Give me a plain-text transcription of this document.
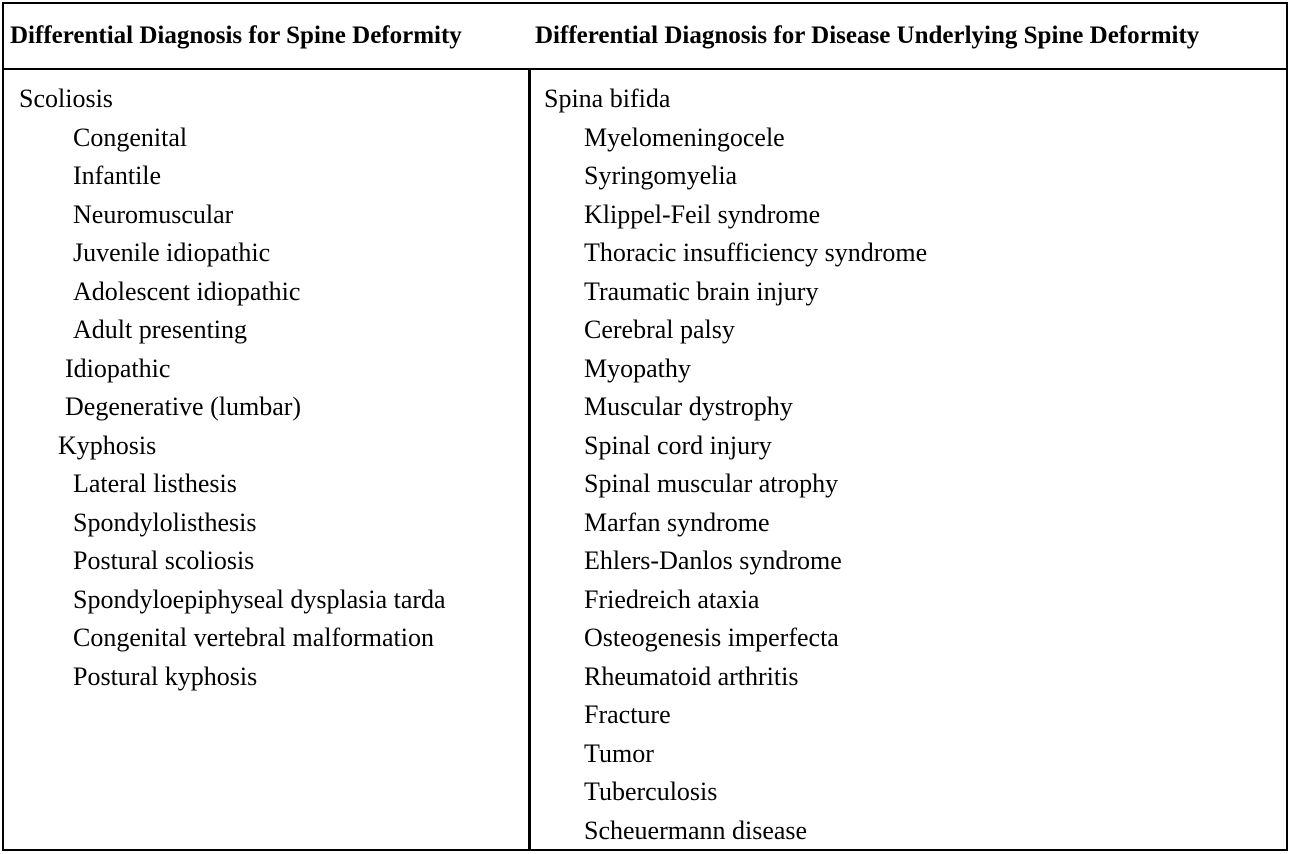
Differential Diagnosis for Spine Deformity	Differential Diagnosis for Disease Underlying Spine Deformity
Scoliosis
Congenital
Infantile
Neuromuscular
Juvenile idiopathic
Adolescent idiopathic
Adult presenting
Idiopathic
Degenerative (lumbar)
Kyphosis
Lateral listhesis
Spondylolisthesis
Postural scoliosis
Spondyloepiphyseal dysplasia tarda
Congenital vertebral malformation
Postural kyphosis
Spina bifida
Myelomeningocele
Syringomyelia
Klippel-Feil syndrome
Thoracic insufficiency syndrome
Traumatic brain injury
Cerebral palsy
Myopathy
Muscular dystrophy
Spinal cord injury
Spinal muscular atrophy
Marfan syndrome
Ehlers-Danlos syndrome
Friedreich ataxia
Osteogenesis imperfecta
Rheumatoid arthritis
Fracture
Tumor
Tuberculosis
Scheuermann disease
